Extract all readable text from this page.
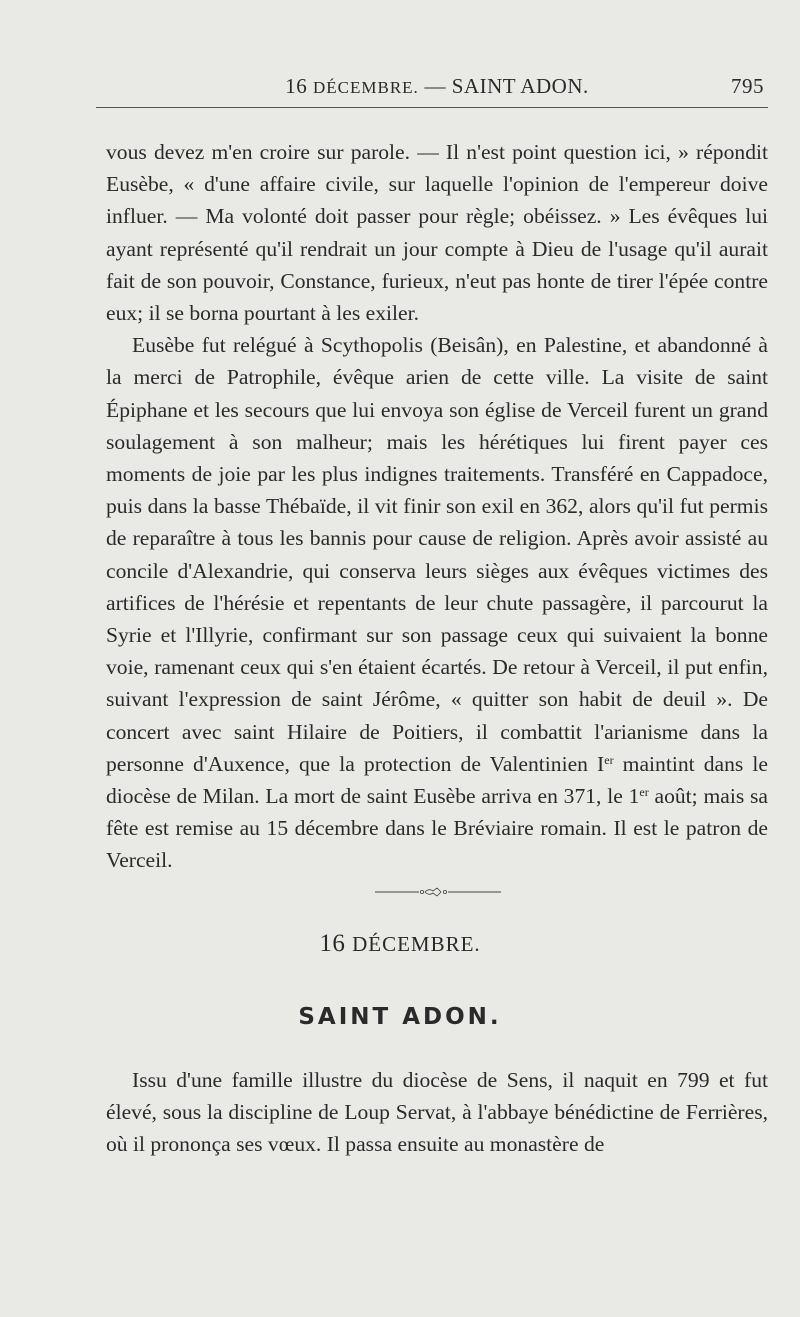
16 DÉCEMBRE. — SAINT ADON.	795

vous devez m'en croire sur parole. — Il n'est point question ici, » répondit Eusèbe, « d'une affaire civile, sur laquelle l'opinion de l'empereur doive influer. — Ma volonté doit passer pour règle; obéissez. » Les évêques lui ayant représenté qu'il rendrait un jour compte à Dieu de l'usage qu'il aurait fait de son pouvoir, Constance, furieux, n'eut pas honte de tirer l'épée contre eux; il se borna pourtant à les exiler.

Eusèbe fut relégué à Scythopolis (Beisân), en Palestine, et abandonné à la merci de Patrophile, évêque arien de cette ville. La visite de saint Épiphane et les secours que lui envoya son église de Verceil furent un grand soulagement à son malheur; mais les hérétiques lui firent payer ces moments de joie par les plus indignes traitements. Transféré en Cappadoce, puis dans la basse Thébaïde, il vit finir son exil en 362, alors qu'il fut permis de reparaître à tous les bannis pour cause de religion. Après avoir assisté au concile d'Alexandrie, qui conserva leurs sièges aux évêques victimes des artifices de l'hérésie et repentants de leur chute passagère, il parcourut la Syrie et l'Illyrie, confirmant sur son passage ceux qui suivaient la bonne voie, ramenant ceux qui s'en étaient écartés. De retour à Verceil, il put enfin, suivant l'expression de saint Jérôme, « quitter son habit de deuil ». De concert avec saint Hilaire de Poitiers, il combattit l'arianisme dans la personne d'Auxence, que la protection de Valentinien Ier maintint dans le diocèse de Milan. La mort de saint Eusèbe arriva en 371, le 1er août; mais sa fête est remise au 15 décembre dans le Bréviaire romain. Il est le patron de Verceil.

16 DÉCEMBRE.
SAINT ADON.

Issu d'une famille illustre du diocèse de Sens, il naquit en 799 et fut élevé, sous la discipline de Loup Servat, à l'abbaye bénédictine de Ferrières, où il prononça ses vœux. Il passa ensuite au monastère de
